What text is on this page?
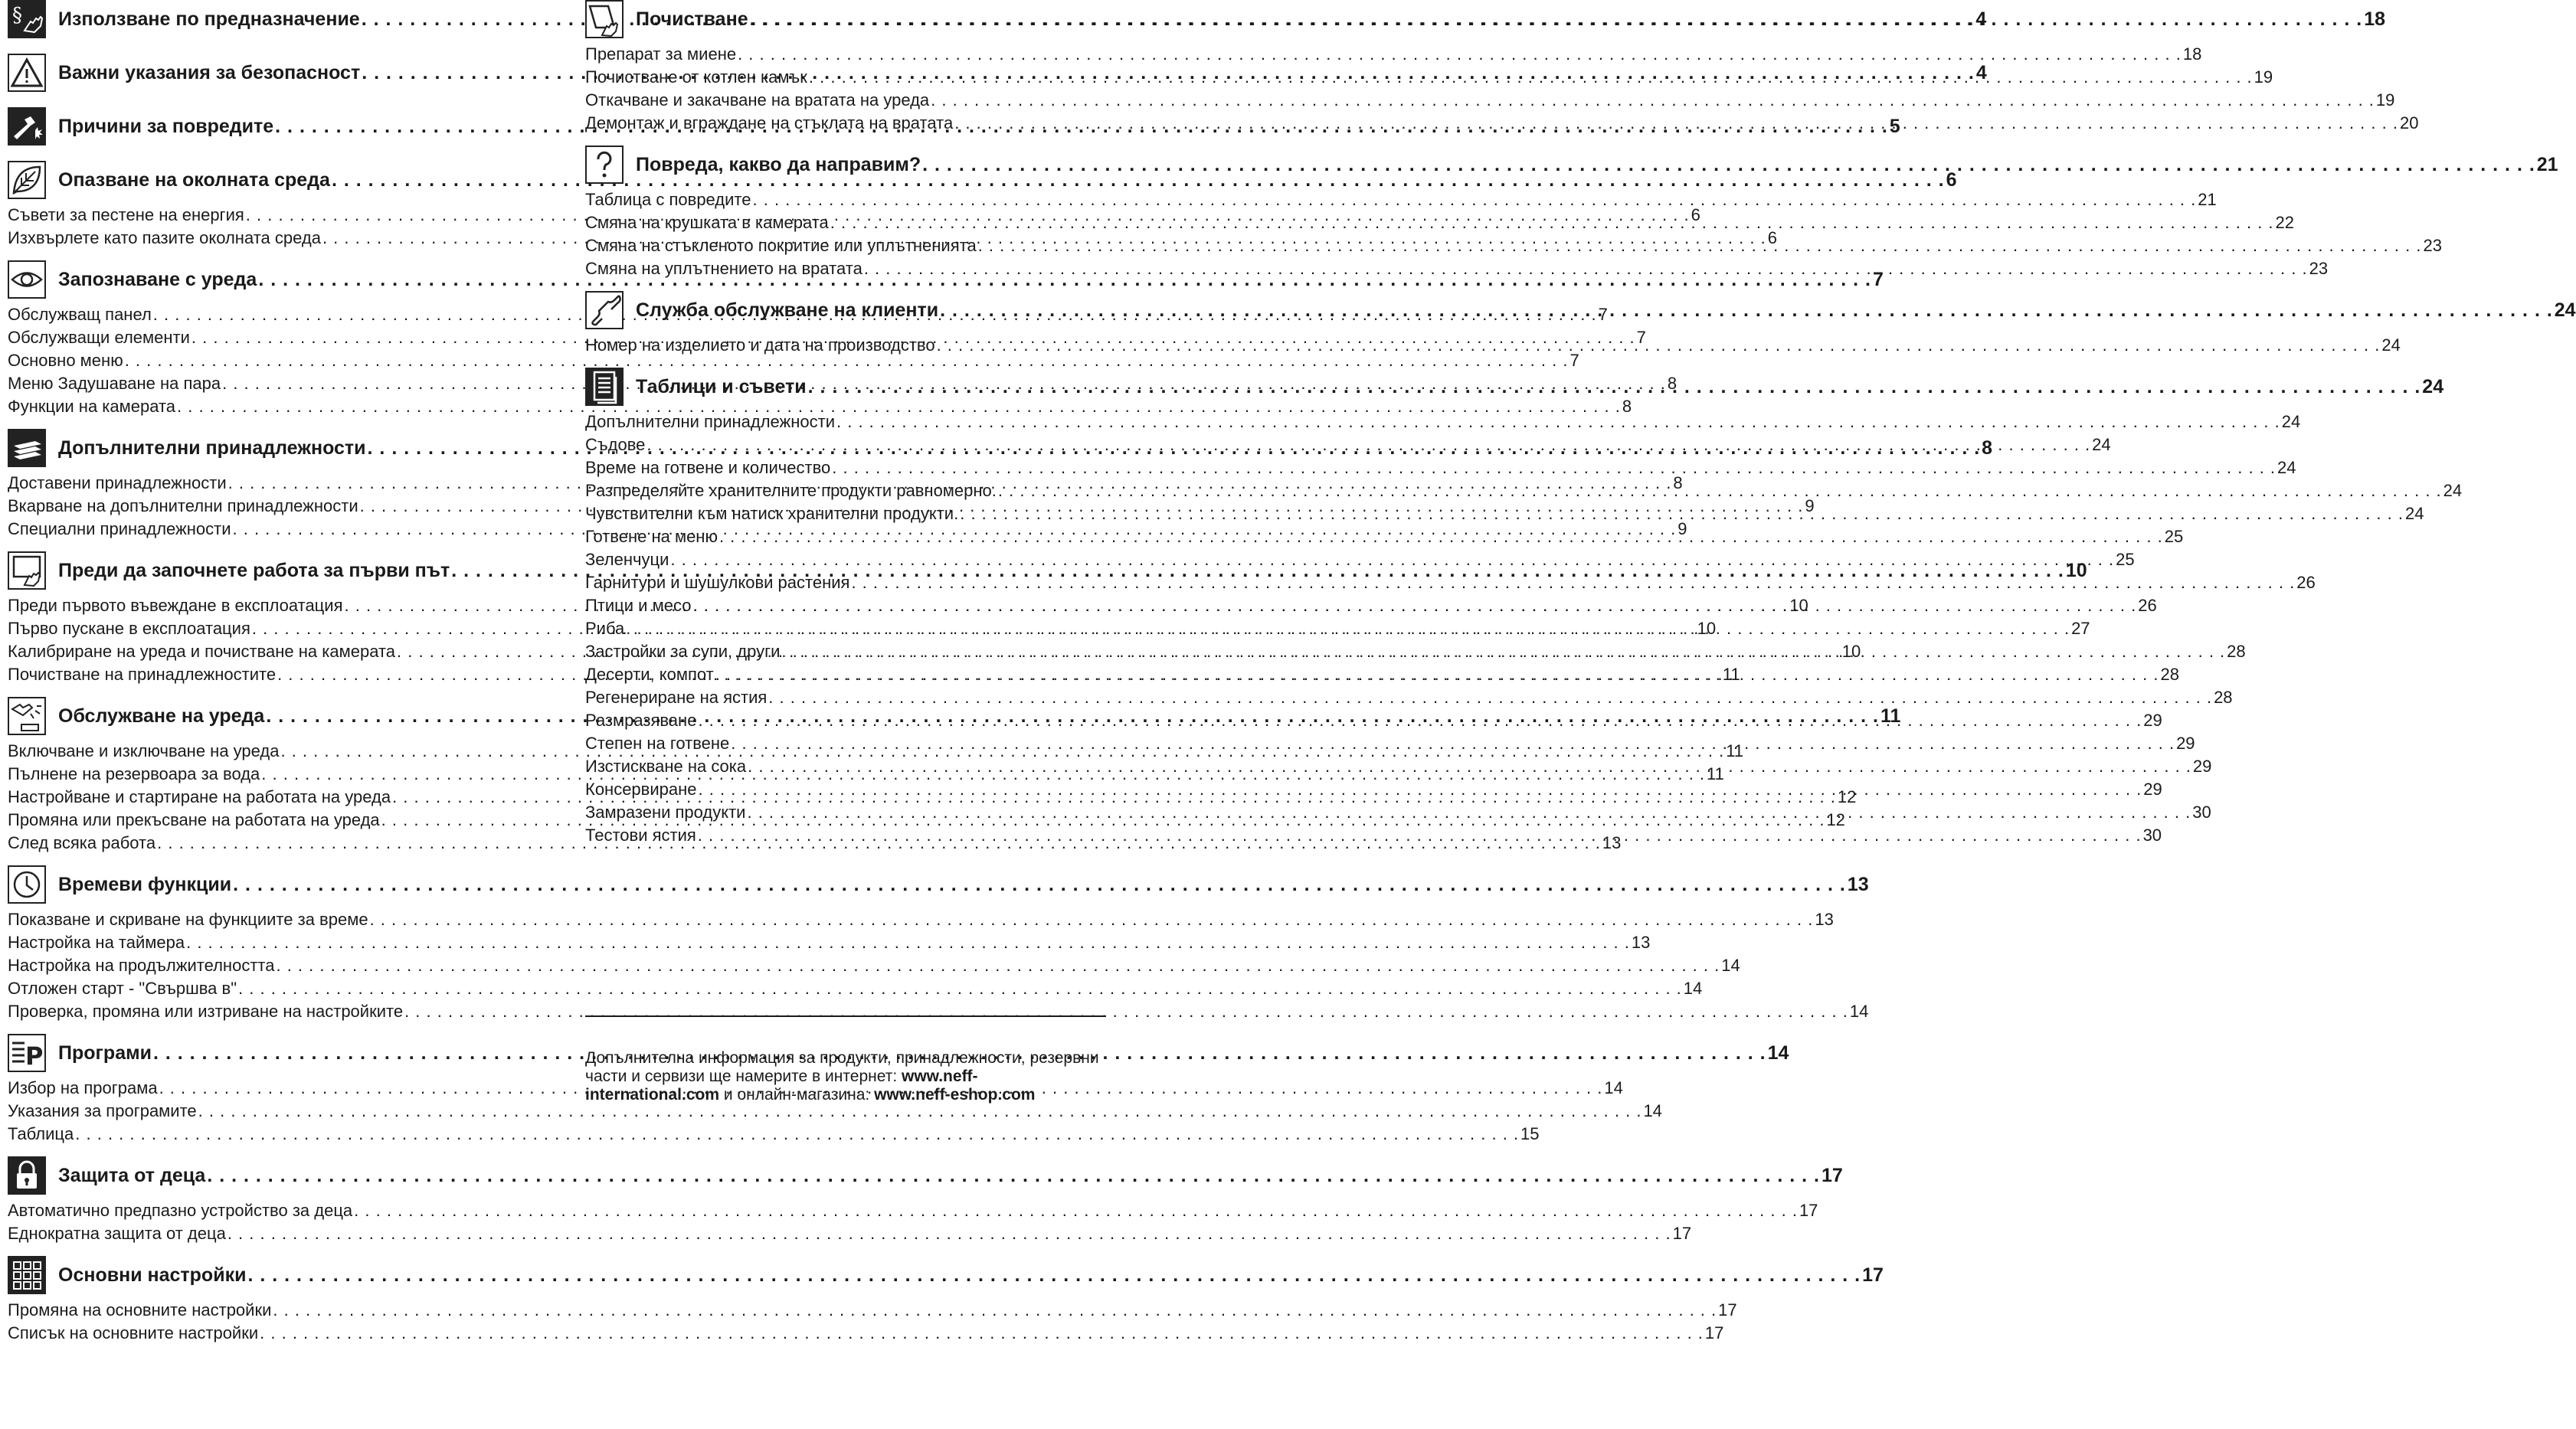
§ Използване по предназначение . . .	4
Важни указания за безопасност . . .	4
Причини за повредите . . .	5
Опазване на околната среда . . .	6
Съвети за пестене на енергия . . .	6
Изхвърлете като пазите околната среда . . .	6
Запознаване с уреда . . .	7
Обслужващ панел . . .	7
Обслужващи елементи . . .	7
Основно меню . . .	7
Меню Задушаване на пара . . .	8
Функции на камерата . . .	8
Допълнителни принадлежности . . .	8
Доставени принадлежности . . .	8
Вкарване на допълнителни принадлежности . . .	9
Специални принадлежности . . .	9
Преди да започнете работа за първи път . . .	10
Преди първото въвеждане в експлоатация . . .	10
Първо пускане в експлоатация . . .	10
Калибриране на уреда и почистване на камерата . . .	10
Почистване на принадлежностите . . .	11
Обслужване на уреда . . .	11
Включване и изключване на уреда . . .	11
Пълнене на резервоара за вода . . .	11
Настройване и стартиране на работата на уреда . . .	12
Промяна или прекъсване на работата на уреда . . .	12
След всяка работа . . .	13
Времеви функции . . .	13
Показване и скриване на функциите за време . . .	13
Настройка на таймера . . .	13
Настройка на продължителността . . .	14
Отложен старт - "Свършва в" . . .	14
Проверка, промяна или изтриване на настройките . . .	14
P Програми . . .	14
Избор на програма . . .	14
Указания за програмите . . .	14
Таблица . . .	15
Защита от деца . . .	17
Автоматично предпазно устройство за деца . . .	17
Еднократна защита от деца . . .	17
Основни настройки . . .	17
Промяна на основните настройки . . .	17
Списък на основните настройки . . .	17
Почистване . . .	18
Препарат за миене . . .	18
Почистване от котлен камък . . .	19
Откачване и закачване на вратата на уреда . . .	19
Демонтаж и вграждане на стъклата на вратата . . .	20
Повреда, какво да направим? . . .	21
Таблица с повредите . . .	21
Смяна на крушката в камерата . . .	22
Смяна на стъкленото покритие или уплътненията . . .	23
Смяна на уплътнението на вратата . . .	23
Служба обслужване на клиенти . . .	24
Номер на изделието и дата на производство . . .	24
Таблици и съвети . . .	24
Допълнителни принадлежности . . .	24
Съдове . . .	24
Време на готвене и количество . . .	24
Разпределяйте хранителните продукти равномерно. . . .	24
Чувствителни към натиск хранителни продукти. . . .	24
Готвене на меню . . .	25
Зеленчуци . . .	25
Гарнитури и шушулкови растения . . .	26
Птици и месо . . .	26
Риба . . .	27
Застройки за супи, други . . .	28
Десерти, компот . . .	28
Регенериране на ястия . . .	28
Размразяване . . .	29
Степен на готвене . . .	29
Изстискване на сока . . .	29
Консервиране . . .	29
Замразени продукти . . .	30
Тестови ястия . . .	30
Допълнителна информация за продукти, принадлежности, резервни части и сервизи ще намерите в интернет: www.neff-international.com и онлайн-магазина: www.neff-eshop.com
